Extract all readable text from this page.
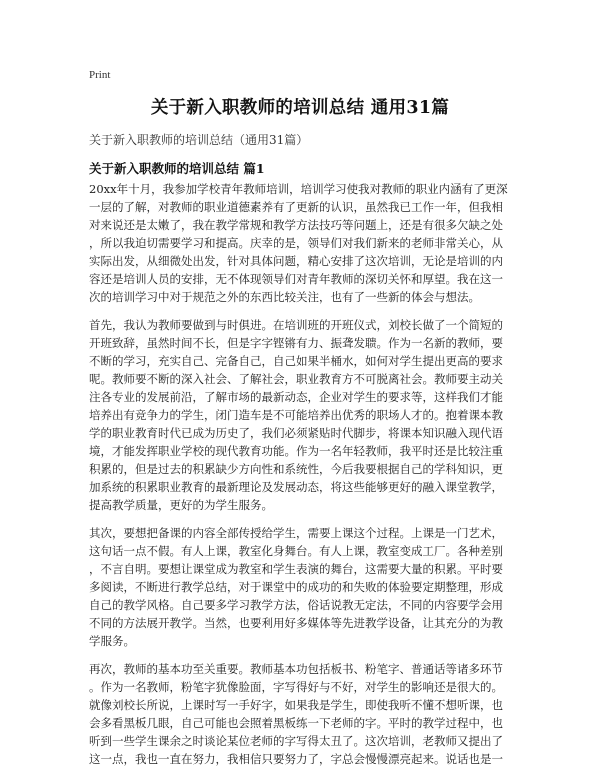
Print
关于新入职教师的培训总结 通用31篇
关于新入职教师的培训总结（通用31篇）
关于新入职教师的培训总结 篇1
20xx年十月，我参加学校青年教师培训，培训学习使我对教师的职业内涵有了更深
一层的了解，对教师的职业道德素养有了更新的认识，虽然我已工作一年，但我相
对来说还是太嫩了，我在教学常规和教学方法技巧等问题上，还是有很多欠缺之处
，所以我迫切需要学习和提高。庆幸的是，领导们对我们新来的老师非常关心，从
实际出发，从细微处出发，针对具体问题，精心安排了这次培训，无论是培训的内
容还是培训人员的安排，无不体现领导们对青年教师的深切关怀和厚望。我在这一
次的培训学习中对于规范之外的东西比较关注，也有了一些新的体会与想法。
首先，我认为教师要做到与时俱进。在培训班的开班仪式，刘校长做了一个简短的
开班致辞，虽然时间不长，但是字字铿锵有力、振聋发聩。作为一名新的教师，要
不断的学习，充实自己、完备自己，自己如果半桶水，如何对学生提出更高的要求
呢。教师要不断的深入社会、了解社会，职业教育方不可脱离社会。教师要主动关
注各专业的发展前沿，了解市场的最新动态，企业对学生的要求等，这样我们才能
培养出有竞争力的学生，闭门造车是不可能培养出优秀的职场人才的。抱着课本教
学的职业教育时代已成为历史了，我们必须紧贴时代脚步，将课本知识融入现代语
境，才能发挥职业学校的现代教育功能。作为一名年轻教师，我平时还是比较注重
积累的，但是过去的积累缺少方向性和系统性，今后我要根据自己的学科知识，更
加系统的积累职业教育的最新理论及发展动态，将这些能够更好的融入课堂教学，
提高教学质量，更好的为学生服务。
其次，要想把备课的内容全部传授给学生，需要上课这个过程。上课是一门艺术，
这句话一点不假。有人上课，教室化身舞台。有人上课，教室变成工厂。各种差别
，不言自明。要想让课堂成为教室和学生表演的舞台，这需要大量的积累。平时要
多阅读，不断进行教学总结，对于课堂中的成功的和失败的体验要定期整理，形成
自己的教学风格。自己要多学习教学方法，俗话说教无定法，不同的内容要学会用
不同的方法展开教学。当然，也要利用好多媒体等先进教学设备，让其充分的为教
学服务。
再次，教师的基本功至关重要。教师基本功包括板书、粉笔字、普通话等诸多环节
。作为一名教师，粉笔字犹像脸面，字写得好与不好，对学生的影响还是很大的。
就像刘校长所说，上课时写一手好字，如果我是学生，即使我听不懂不想听课，也
会多看黑板几眼，自己可能也会照着黑板练一下老师的字。平时的教学过程中，也
听到一些学生课余之时谈论某位老师的字写得太丑了。这次培训，老教师又提出了
这一点，我也一直在努力，我相信只要努力了，字总会慢慢漂亮起来。说话也是一
